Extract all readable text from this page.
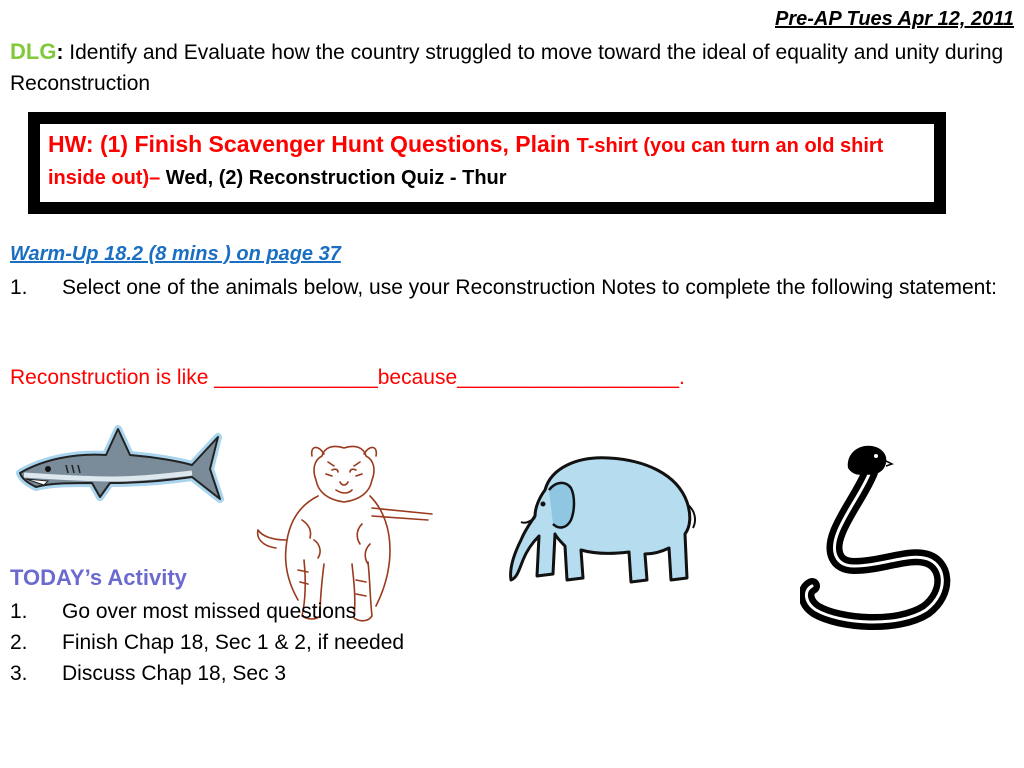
Pre-AP Tues Apr 12, 2011
DLG: Identify and Evaluate how the country struggled to move toward the ideal of equality and unity during Reconstruction
HW: (1) Finish Scavenger Hunt Questions, Plain T-shirt (you can turn an old shirt inside out)– Wed, (2) Reconstruction Quiz - Thur
Warm-Up 18.2 (8 mins ) on page 37
1.	Select one of the animals below, use your Reconstruction Notes to complete the following statement:
Reconstruction is like ______________because___________________.
TODAY’s Activity
1.	Go over most missed questions
2.	Finish Chap 18, Sec 1 & 2, if needed
3.	Discuss Chap 18, Sec 3
